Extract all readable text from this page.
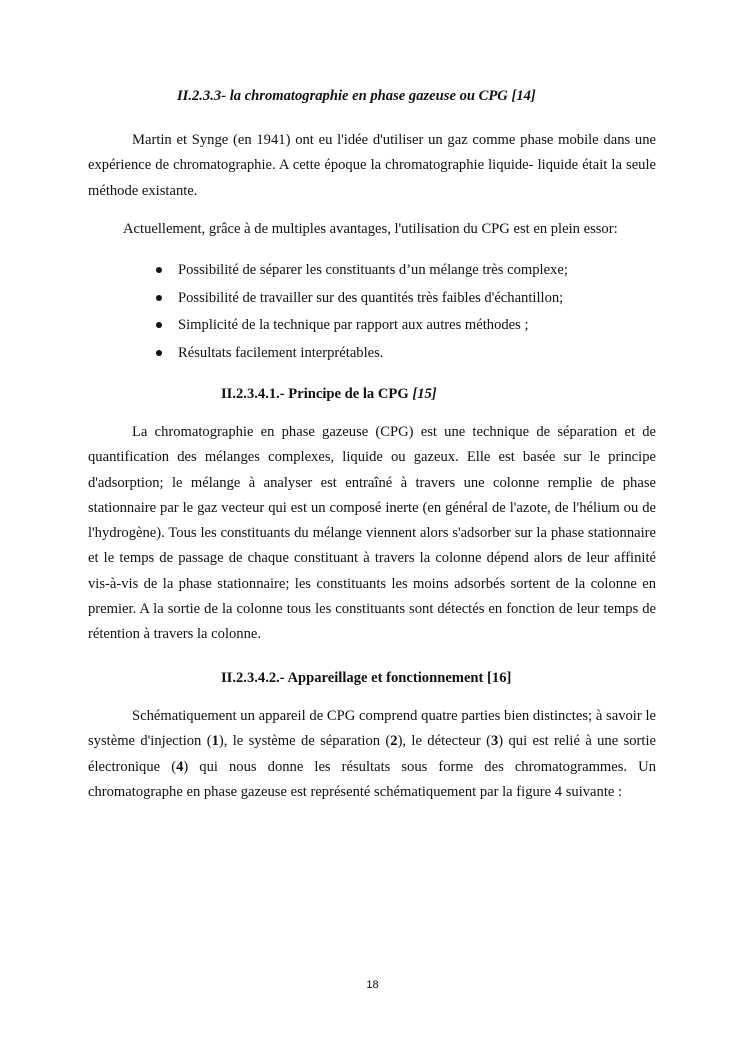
II.2.3.3- la chromatographie en phase gazeuse ou CPG [14]

Martin et Synge (en 1941) ont eu l'idée d'utiliser un gaz comme phase mobile dans une expérience de chromatographie. A cette époque la chromatographie liquide- liquide était la seule méthode existante.

Actuellement, grâce à de multiples avantages, l'utilisation du CPG est en plein essor:

Possibilité de séparer les constituants d’un mélange très complexe;
Possibilité de travailler sur des quantités très faibles d'échantillon;
Simplicité de la technique par rapport aux autres méthodes ;
Résultats facilement interprétables.
II.2.3.4.1.- Principe de la CPG [15]

La chromatographie en phase gazeuse (CPG) est une technique de séparation et de quantification des mélanges complexes, liquide ou gazeux. Elle est basée sur le principe d'adsorption; le mélange à analyser est entraîné à travers une colonne remplie de phase stationnaire par le gaz vecteur qui est un composé inerte (en général de l'azote, de l'hélium ou de l'hydrogène). Tous les constituants du mélange viennent alors s'adsorber sur la phase stationnaire et le temps de passage de chaque constituant à travers la colonne dépend alors de leur affinité vis-à-vis de la phase stationnaire; les constituants les moins adsorbés sortent de la colonne en premier. A la sortie de la colonne tous les constituants sont détectés en fonction de leur temps de rétention à travers la colonne.

II.2.3.4.2.- Appareillage et fonctionnement [16]

Schématiquement un appareil de CPG comprend quatre parties bien distinctes; à savoir le système d'injection (1), le système de séparation (2), le détecteur (3) qui est relié à une sortie électronique (4) qui nous donne les résultats sous forme des chromatogrammes. Un chromatographe en phase gazeuse est représenté schématiquement par la figure 4 suivante :

18
